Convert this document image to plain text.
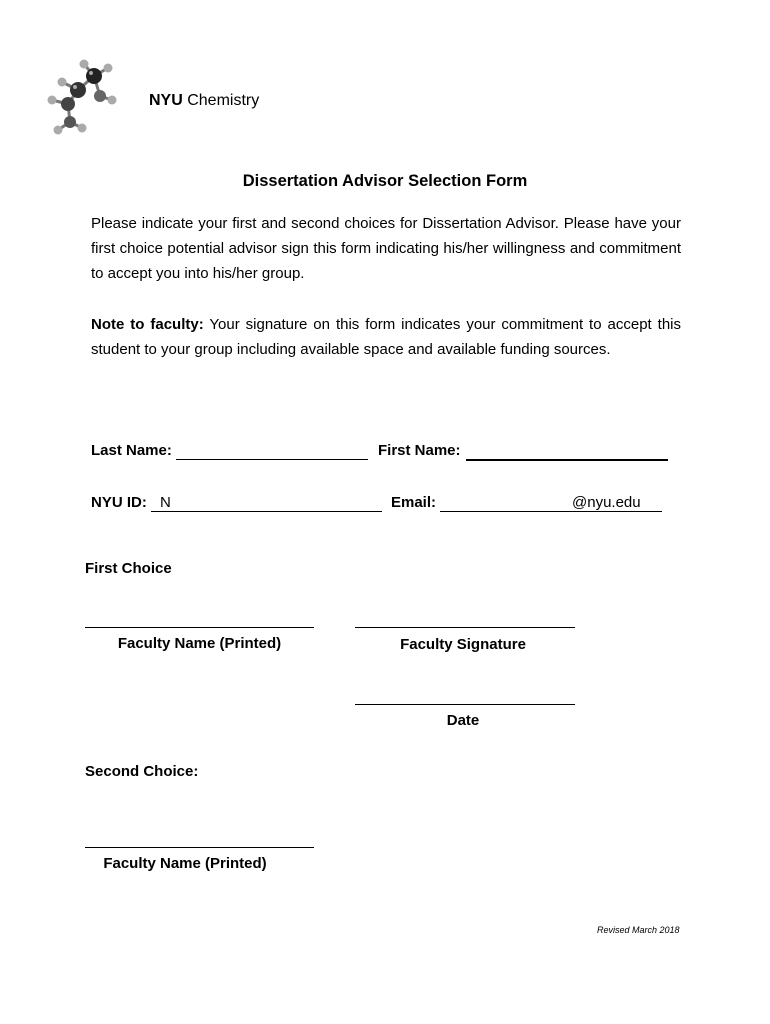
NYU Chemistry
Dissertation Advisor Selection Form
Please indicate your first and second choices for Dissertation Advisor. Please have your first choice potential advisor sign this form indicating his/her willingness and commitment to accept you into his/her group.
Note to faculty: Your signature on this form indicates your commitment to accept this student to your group including available space and available funding sources.
Last Name:	First Name:
NYU ID: N	Email:	@nyu.edu
First Choice
Faculty Name (Printed)	Faculty Signature
Date
Second Choice:
Faculty Name (Printed)
Revised March 2018
